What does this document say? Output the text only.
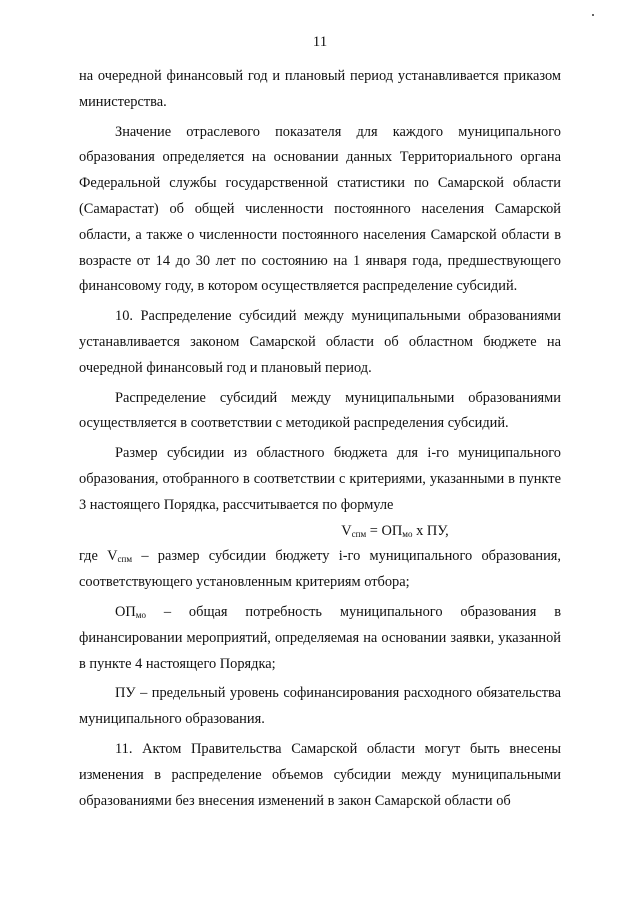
11

на очередной финансовый год и плановый период устанавливается приказом министерства.

Значение отраслевого показателя для каждого муниципального образования определяется на основании данных Территориального органа Федеральной службы государственной статистики по Самарской области (Самарастат) об общей численности постоянного населения Самарской области, а также о численности постоянного населения Самарской области в возрасте от 14 до 30 лет по состоянию на 1 января года, предшествующего финансовому году, в котором осуществляется распределение субсидий.

10. Распределение субсидий между муниципальными образованиями устанавливается законом Самарской области об областном бюджете на очередной финансовый год и плановый период.

Распределение субсидий между муниципальными образованиями осуществляется в соответствии с методикой распределения субсидий.

Размер субсидии из областного бюджета для i-го муниципального образования, отобранного в соответствии с критериями, указанными в пункте 3 настоящего Порядка, рассчитывается по формуле

$V_{спм} = ОП_{мо}$ x ПУ,

где $V_{спм}$ – размер субсидии бюджету i-го муниципального образования, соответствующего установленным критериям отбора;

$ОП_{мо}$ – общая потребность муниципального образования в финансировании мероприятий, определяемая на основании заявки, указанной в пункте 4 настоящего Порядка;

ПУ – предельный уровень софинансирования расходного обязательства муниципального образования.

11. Актом Правительства Самарской области могут быть внесены изменения в распределение объемов субсидии между муниципальными образованиями без внесения изменений в закон Самарской области об
